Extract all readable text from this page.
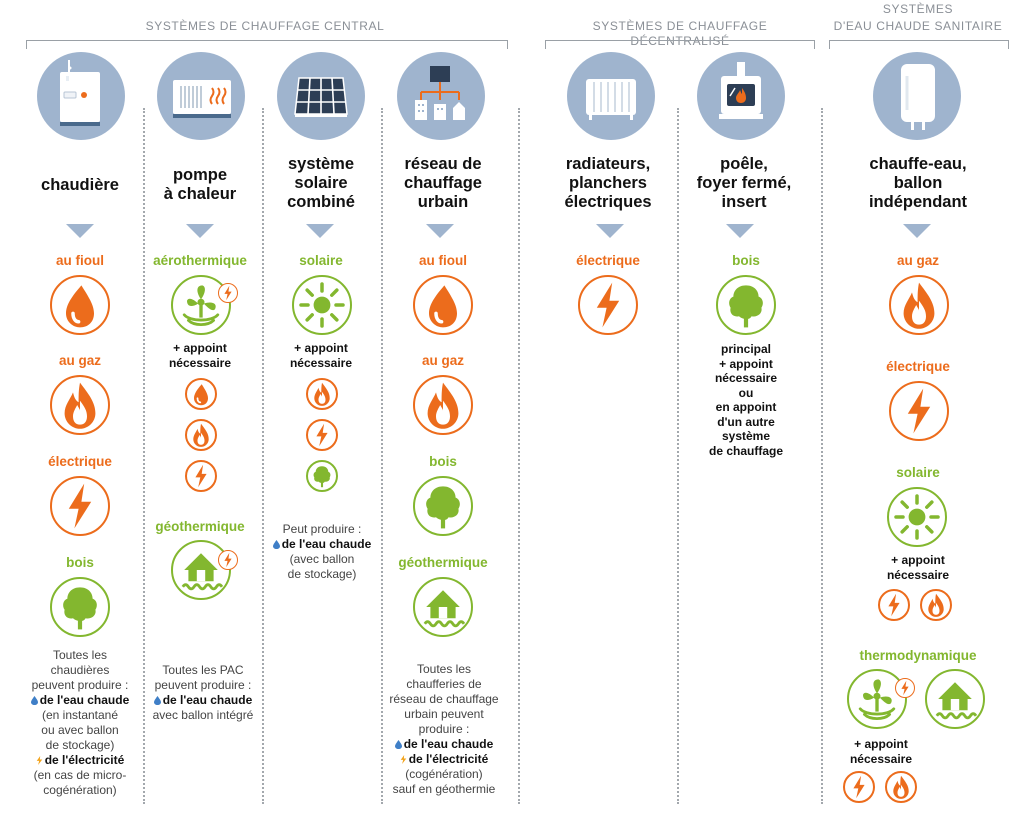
SYSTÈMES DE CHAUFFAGE CENTRAL	SYSTÈMES DE CHAUFFAGE DÉCENTRALISÉ
SYSTÈMES
D'EAU CHAUDE SANITAIRE
chaudière
pompe
à chaleur
système
solaire
combiné
réseau de
chauffage
urbain
radiateurs,
planchers
électriques
poêle,
foyer fermé,
insert
chauffe-eau,
ballon
indépendant
au fioul
au gaz
électrique
bois
Toutes les
chaudières
peuvent produire :
de l'eau chaude
(en instantané
ou avec ballon
de stockage)
de l'électricité
(en cas de micro-
cogénération)
aérothermique
+ appoint
nécessaire
géothermique
Toutes les PAC
peuvent produire :
de l'eau chaude
avec ballon intégré
solaire
+ appoint
nécessaire
Peut produire :
de l'eau chaude
(avec ballon
de stockage)
au fioul
au gaz
bois
géothermique
Toutes les
chaufferies de
réseau de chauffage
urbain peuvent
produire :
de l'eau chaude
de l'électricité
(cogénération)
sauf en géothermie
électrique	bois
principal
+ appoint
nécessaire
ou
en appoint
d'un autre
système
de chauffage
au gaz
électrique
solaire
+ appoint
nécessaire
thermodynamique
+ appoint
nécessaire
